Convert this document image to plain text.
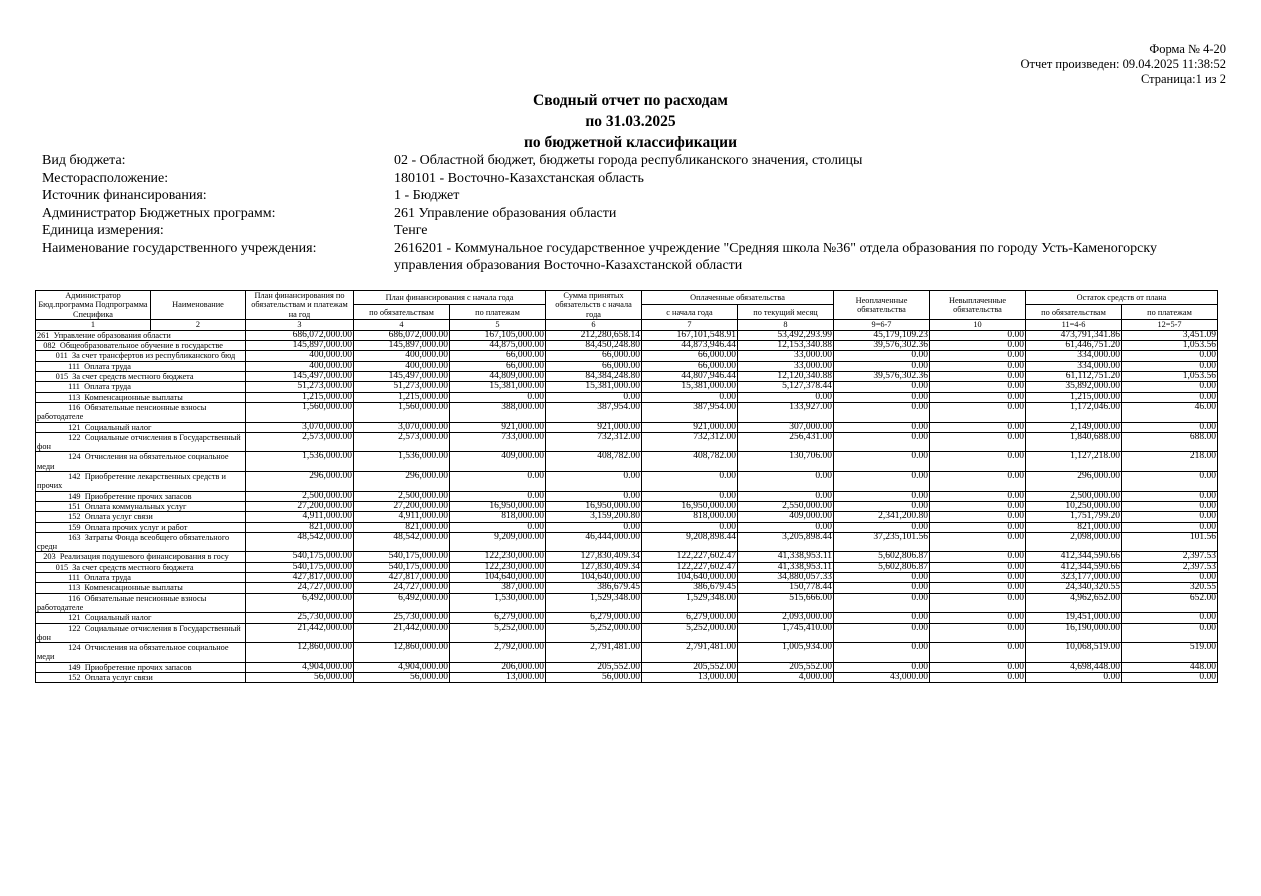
Форма № 4-20
Отчет произведен: 09.04.2025 11:38:52
Страница:1 из 2
Сводный отчет по расходам
по 31.03.2025
по бюджетной классификации
Вид бюджета:	02 - Областной бюджет, бюджеты города республиканского значения, столицы
Месторасположение:	180101 - Восточно-Казахстанская область
Источник финансирования:	1 - Бюджет
Администратор Бюджетных программ:	261 Управление образования области
Единица измерения:	Тенге
Наименование государственного учреждения:	2616201 - Коммунальное государственное учреждение "Средняя школа №36" отдела образования по городу Усть-Каменогорску управления образования Восточно-Казахстанской области
Администратор Бюд.программа Подпрограмма Специфика	Наименование	План финансирования по обязательствам и платежам на год	План финансирования с начала года		Сумма принятых обязательств с начала года	Оплаченные обязательства		Неоплаченные обязательства	Невыплаченные обязательства	Остаток средств от плана	
			по обязательствам	по платежам		с начала года	по текущий месяц			по обязательствам	по платежам
1	2	3	4	5	6	7	8	9=6-7	10	11=4-6	12=5-7
261  Управление образования области		686,072,000.00	686,072,000.00	167,105,000.00	212,280,658.14	167,101,548.91	53,492,293.99	45,179,109.23	0.00	473,791,341.86	3,451.09
082  Общеобразовательное обучение в государстве		145,897,000.00	145,897,000.00	44,875,000.00	84,450,248.80	44,873,946.44	12,153,340.88	39,576,302.36	0.00	61,446,751.20	1,053.56
011  За счет трансфертов из республиканского бюд		400,000.00	400,000.00	66,000.00	66,000.00	66,000.00	33,000.00	0.00	0.00	334,000.00	0.00
111  Оплата труда		400,000.00	400,000.00	66,000.00	66,000.00	66,000.00	33,000.00	0.00	0.00	334,000.00	0.00
015  За счет средств местного бюджета		145,497,000.00	145,497,000.00	44,809,000.00	84,384,248.80	44,807,946.44	12,120,340.88	39,576,302.36	0.00	61,112,751.20	1,053.56
111  Оплата труда		51,273,000.00	51,273,000.00	15,381,000.00	15,381,000.00	15,381,000.00	5,127,378.44	0.00	0.00	35,892,000.00	0.00
113  Компенсационные выплаты		1,215,000.00	1,215,000.00	0.00	0.00	0.00	0.00	0.00	0.00	1,215,000.00	0.00
116  Обязательные пенсионные взносы работодателе		1,560,000.00	1,560,000.00	388,000.00	387,954.00	387,954.00	133,927.00	0.00	0.00	1,172,046.00	46.00
121  Социальный налог		3,070,000.00	3,070,000.00	921,000.00	921,000.00	921,000.00	307,000.00	0.00	0.00	2,149,000.00	0.00
122  Социальные отчисления в Государственный фон		2,573,000.00	2,573,000.00	733,000.00	732,312.00	732,312.00	256,431.00	0.00	0.00	1,840,688.00	688.00
124  Отчисления на обязательное социальное меди		1,536,000.00	1,536,000.00	409,000.00	408,782.00	408,782.00	130,706.00	0.00	0.00	1,127,218.00	218.00
142  Приобретение лекарственных средств и прочих		296,000.00	296,000.00	0.00	0.00	0.00	0.00	0.00	0.00	296,000.00	0.00
149  Приобретение прочих запасов		2,500,000.00	2,500,000.00	0.00	0.00	0.00	0.00	0.00	0.00	2,500,000.00	0.00
151  Оплата коммунальных услуг		27,200,000.00	27,200,000.00	16,950,000.00	16,950,000.00	16,950,000.00	2,550,000.00	0.00	0.00	10,250,000.00	0.00
152  Оплата услуг связи		4,911,000.00	4,911,000.00	818,000.00	3,159,200.80	818,000.00	409,000.00	2,341,200.80	0.00	1,751,799.20	0.00
159  Оплата прочих услуг и работ		821,000.00	821,000.00	0.00	0.00	0.00	0.00	0.00	0.00	821,000.00	0.00
163  Затраты Фонда всеобщего обязательного средн		48,542,000.00	48,542,000.00	9,209,000.00	46,444,000.00	9,208,898.44	3,205,898.44	37,235,101.56	0.00	2,098,000.00	101.56
203  Реализация подушевого финансирования в госу		540,175,000.00	540,175,000.00	122,230,000.00	127,830,409.34	122,227,602.47	41,338,953.11	5,602,806.87	0.00	412,344,590.66	2,397.53
015  За счет средств местного бюджета		540,175,000.00	540,175,000.00	122,230,000.00	127,830,409.34	122,227,602.47	41,338,953.11	5,602,806.87	0.00	412,344,590.66	2,397.53
111  Оплата труда		427,817,000.00	427,817,000.00	104,640,000.00	104,640,000.00	104,640,000.00	34,880,057.33	0.00	0.00	323,177,000.00	0.00
113  Компенсационные выплаты		24,727,000.00	24,727,000.00	387,000.00	386,679.45	386,679.45	150,778.44	0.00	0.00	24,340,320.55	320.55
116  Обязательные пенсионные взносы работодателе		6,492,000.00	6,492,000.00	1,530,000.00	1,529,348.00	1,529,348.00	515,666.00	0.00	0.00	4,962,652.00	652.00
121  Социальный налог		25,730,000.00	25,730,000.00	6,279,000.00	6,279,000.00	6,279,000.00	2,093,000.00	0.00	0.00	19,451,000.00	0.00
122  Социальные отчисления в Государственный фон		21,442,000.00	21,442,000.00	5,252,000.00	5,252,000.00	5,252,000.00	1,745,410.00	0.00	0.00	16,190,000.00	0.00
124  Отчисления на обязательное социальное меди		12,860,000.00	12,860,000.00	2,792,000.00	2,791,481.00	2,791,481.00	1,005,934.00	0.00	0.00	10,068,519.00	519.00
149  Приобретение прочих запасов		4,904,000.00	4,904,000.00	206,000.00	205,552.00	205,552.00	205,552.00	0.00	0.00	4,698,448.00	448.00
152  Оплата услуг связи		56,000.00	56,000.00	13,000.00	56,000.00	13,000.00	4,000.00	43,000.00	0.00	0.00	0.00
